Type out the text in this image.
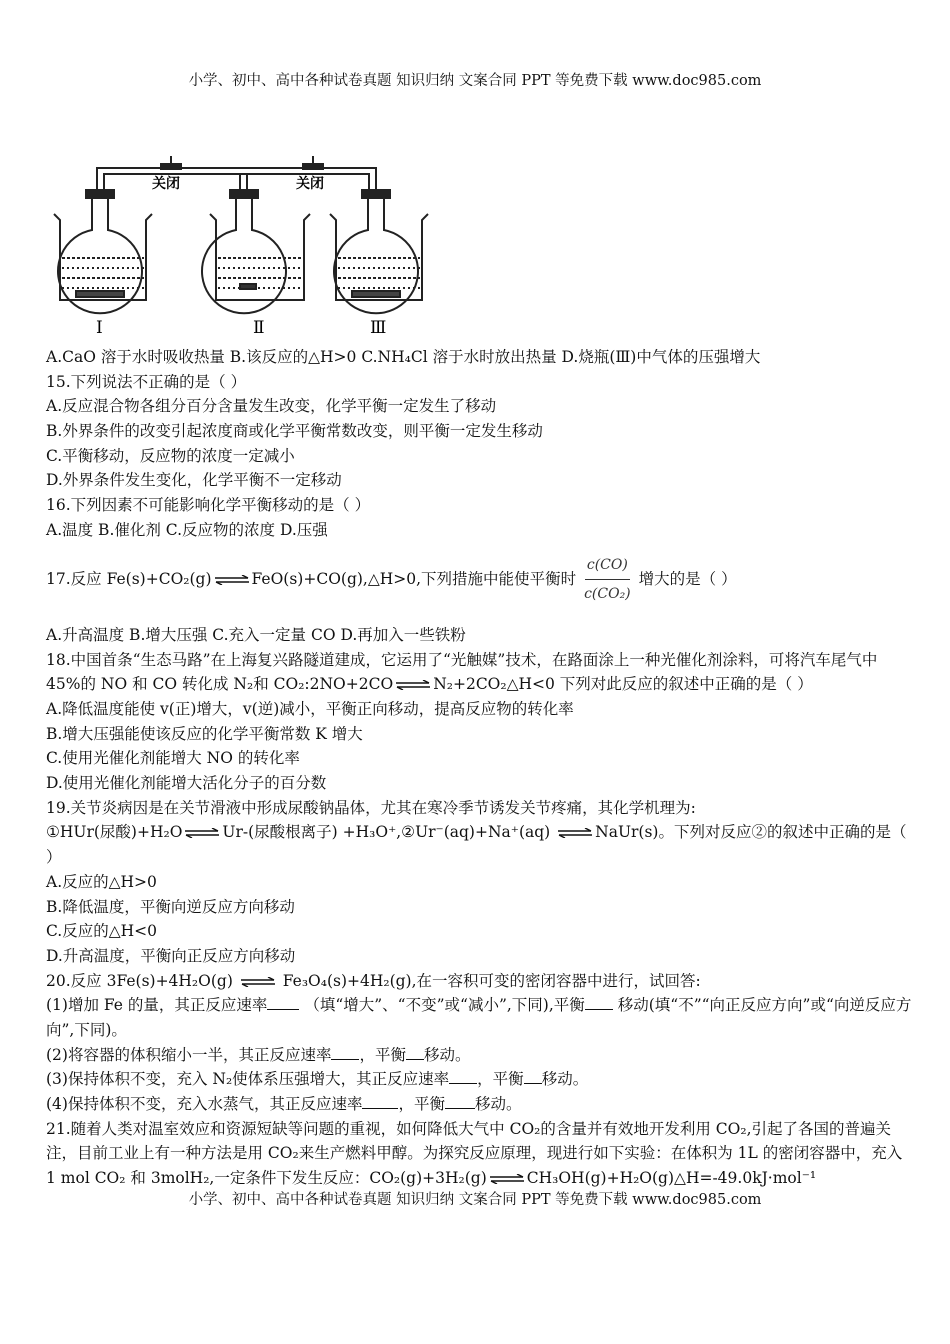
小学、初中、高中各种试卷真题 知识归纳 文案合同 PPT 等免费下载 www.doc985.com
关闭	关闭
Ⅰ	Ⅱ	Ⅲ
A.CaO 溶于水时吸收热量 B.该反应的△H>0 C.NH₄Cl 溶于水时放出热量 D.烧瓶(Ⅲ)中气体的压强增大
15.下列说法不正确的是（ ）
A.反应混合物各组分百分含量发生改变，化学平衡一定发生了移动
B.外界条件的改变引起浓度商或化学平衡常数改变，则平衡一定发生移动
C.平衡移动，反应物的浓度一定减小
D.外界条件发生变化，化学平衡不一定移动
16.下列因素不可能影响化学平衡移动的是（ ）
A.温度 B.催化剂 C.反应物的浓度 D.压强
17.反应
Fe(s)+CO₂(g) ⇌ FeO(s)+CO(g),△H>0,下列措施中能使平衡时 $\frac{c(CO)}{\text{c(CO₂)}}$ 增大的是（ ）
A.升高温度 B.增大压强 C.充入一定量 CO D.再加入一些铁粉
18.中国首条“生态马路”在上海复兴路隧道建成，它运用了“光触媒”技术，在路面涂上一种光催化剂涂料，可将汽车尾气中 45%的 NO 和 CO 转化成 N₂和 CO₂:2NO+2CO ⇌ N₂+2CO₂△H<0 下列对此反应的叙述中正确的是（ ）
A.降低温度能使 v(正)增大，v(逆)减小，平衡正向移动，提高反应物的转化率
B.增大压强能使该反应的化学平衡常数 K 增大
C.使用光催化剂能增大 NO 的转化率
D.使用光催化剂能增大活化分子的百分数
19.关节炎病因是在关节滑液中形成尿酸钠晶体，尤其在寒冷季节诱发关节疼痛，其化学机理为:
①HUr(尿酸)+H₂O ⇌ Ur-(尿酸根离子) +H₃O⁺,②Ur⁻(aq)+Na⁺(aq) ⇌ NaUr(s)。下列对反应②的叙述中正确的是（ ）
A.反应的△H>0
B.降低温度，平衡向逆反应方向移动
C.反应的△H<0
D.升高温度，平衡向正反应方向移动
20.反应 3Fe(s)+4H₂O(g) ⇌ Fe₃O₄(s)+4H₂(g),在一容积可变的密闭容器中进行，试回答:
(1)增加 Fe 的量，其正反应速率 （填“增大”、“不变”或“减小”,下同),平衡 移动(填“不”“向正反应方向”或“向逆反应方向”,下同)。
(2)将容器的体积缩小一半，其正反应速率 ，平衡 移动。
(3)保持体积不变，充入 N₂使体系压强增大，其正反应速率 ，平衡 移动。
(4)保持体积不变，充入水蒸气，其正反应速率 ，平衡 移动。
21.随着人类对温室效应和资源短缺等问题的重视，如何降低大气中 CO₂的含量并有效地开发利用 CO₂,引起了各国的普遍关注，目前工业上有一种方法是用 CO₂来生产燃料甲醇。为探究反应原理，现进行如下实验：在体积为 1L 的密闭容器中，充入 1 mol CO₂ 和 3molH₂,一定条件下发生反应：CO₂(g)+3H₂(g) ⇌ CH₃OH(g)+H₂O(g)△H=-49.0kJ·mol⁻¹
小学、初中、高中各种试卷真题 知识归纳 文案合同 PPT 等免费下载 www.doc985.com
